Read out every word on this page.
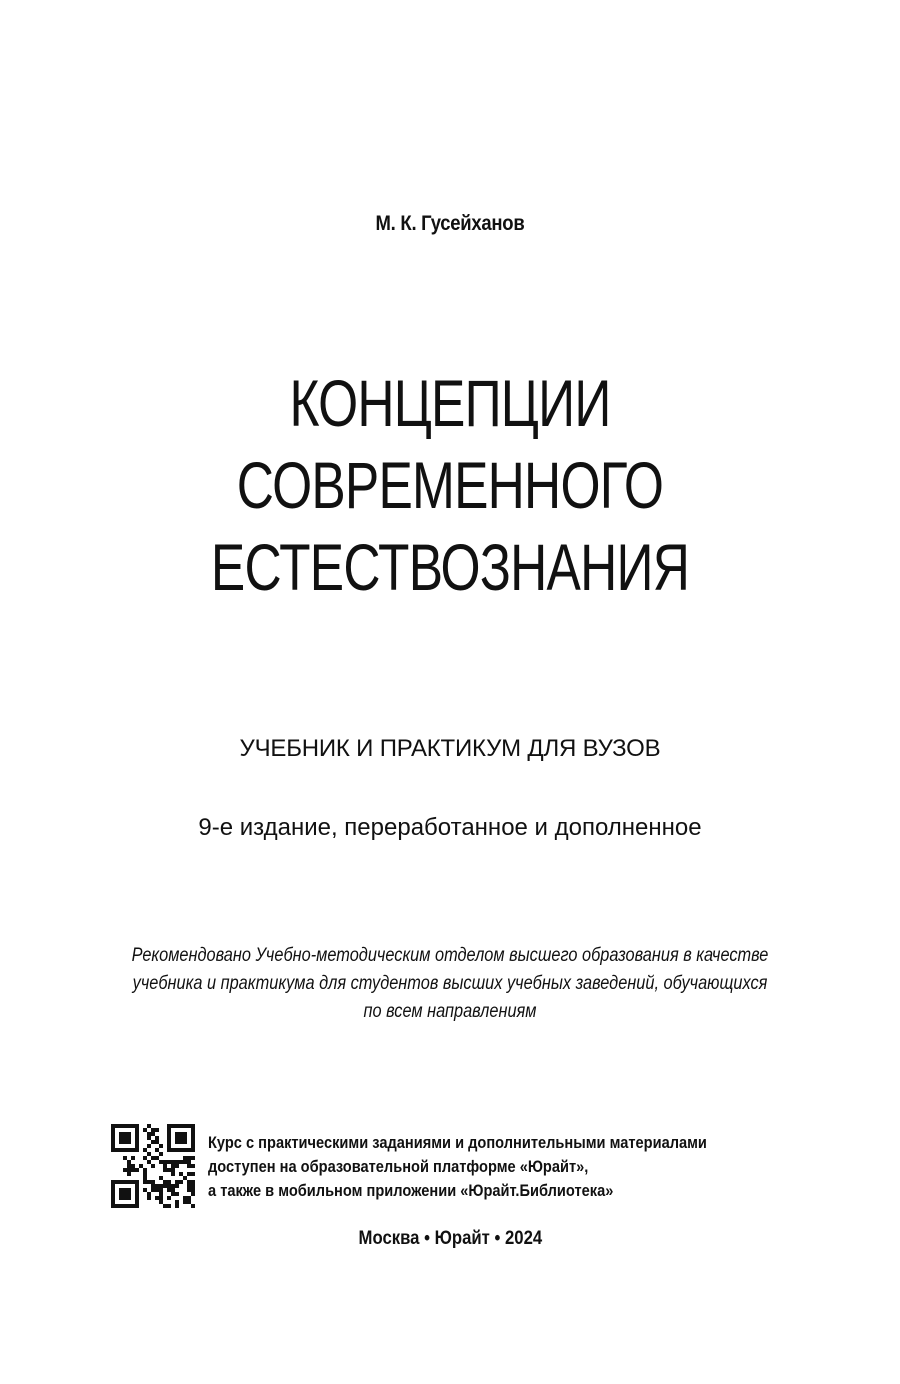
М. К. Гусейханов
КОНЦЕПЦИИ
СОВРЕМЕННОГО
ЕСТЕСТВОЗНАНИЯ
УЧЕБНИК И ПРАКТИКУМ ДЛЯ ВУЗОВ
9-е издание, переработанное и дополненное
Рекомендовано Учебно-методическим отделом высшего образования в качестве
учебника и практикума для студентов высших учебных заведений, обучающихся
по всем направлениям
Курс с практическими заданиями и дополнительными материалами
доступен на образовательной платформе «Юрайт»,
а также в мобильном приложении «Юрайт.Библиотека»
Москва • Юрайт • 2024
